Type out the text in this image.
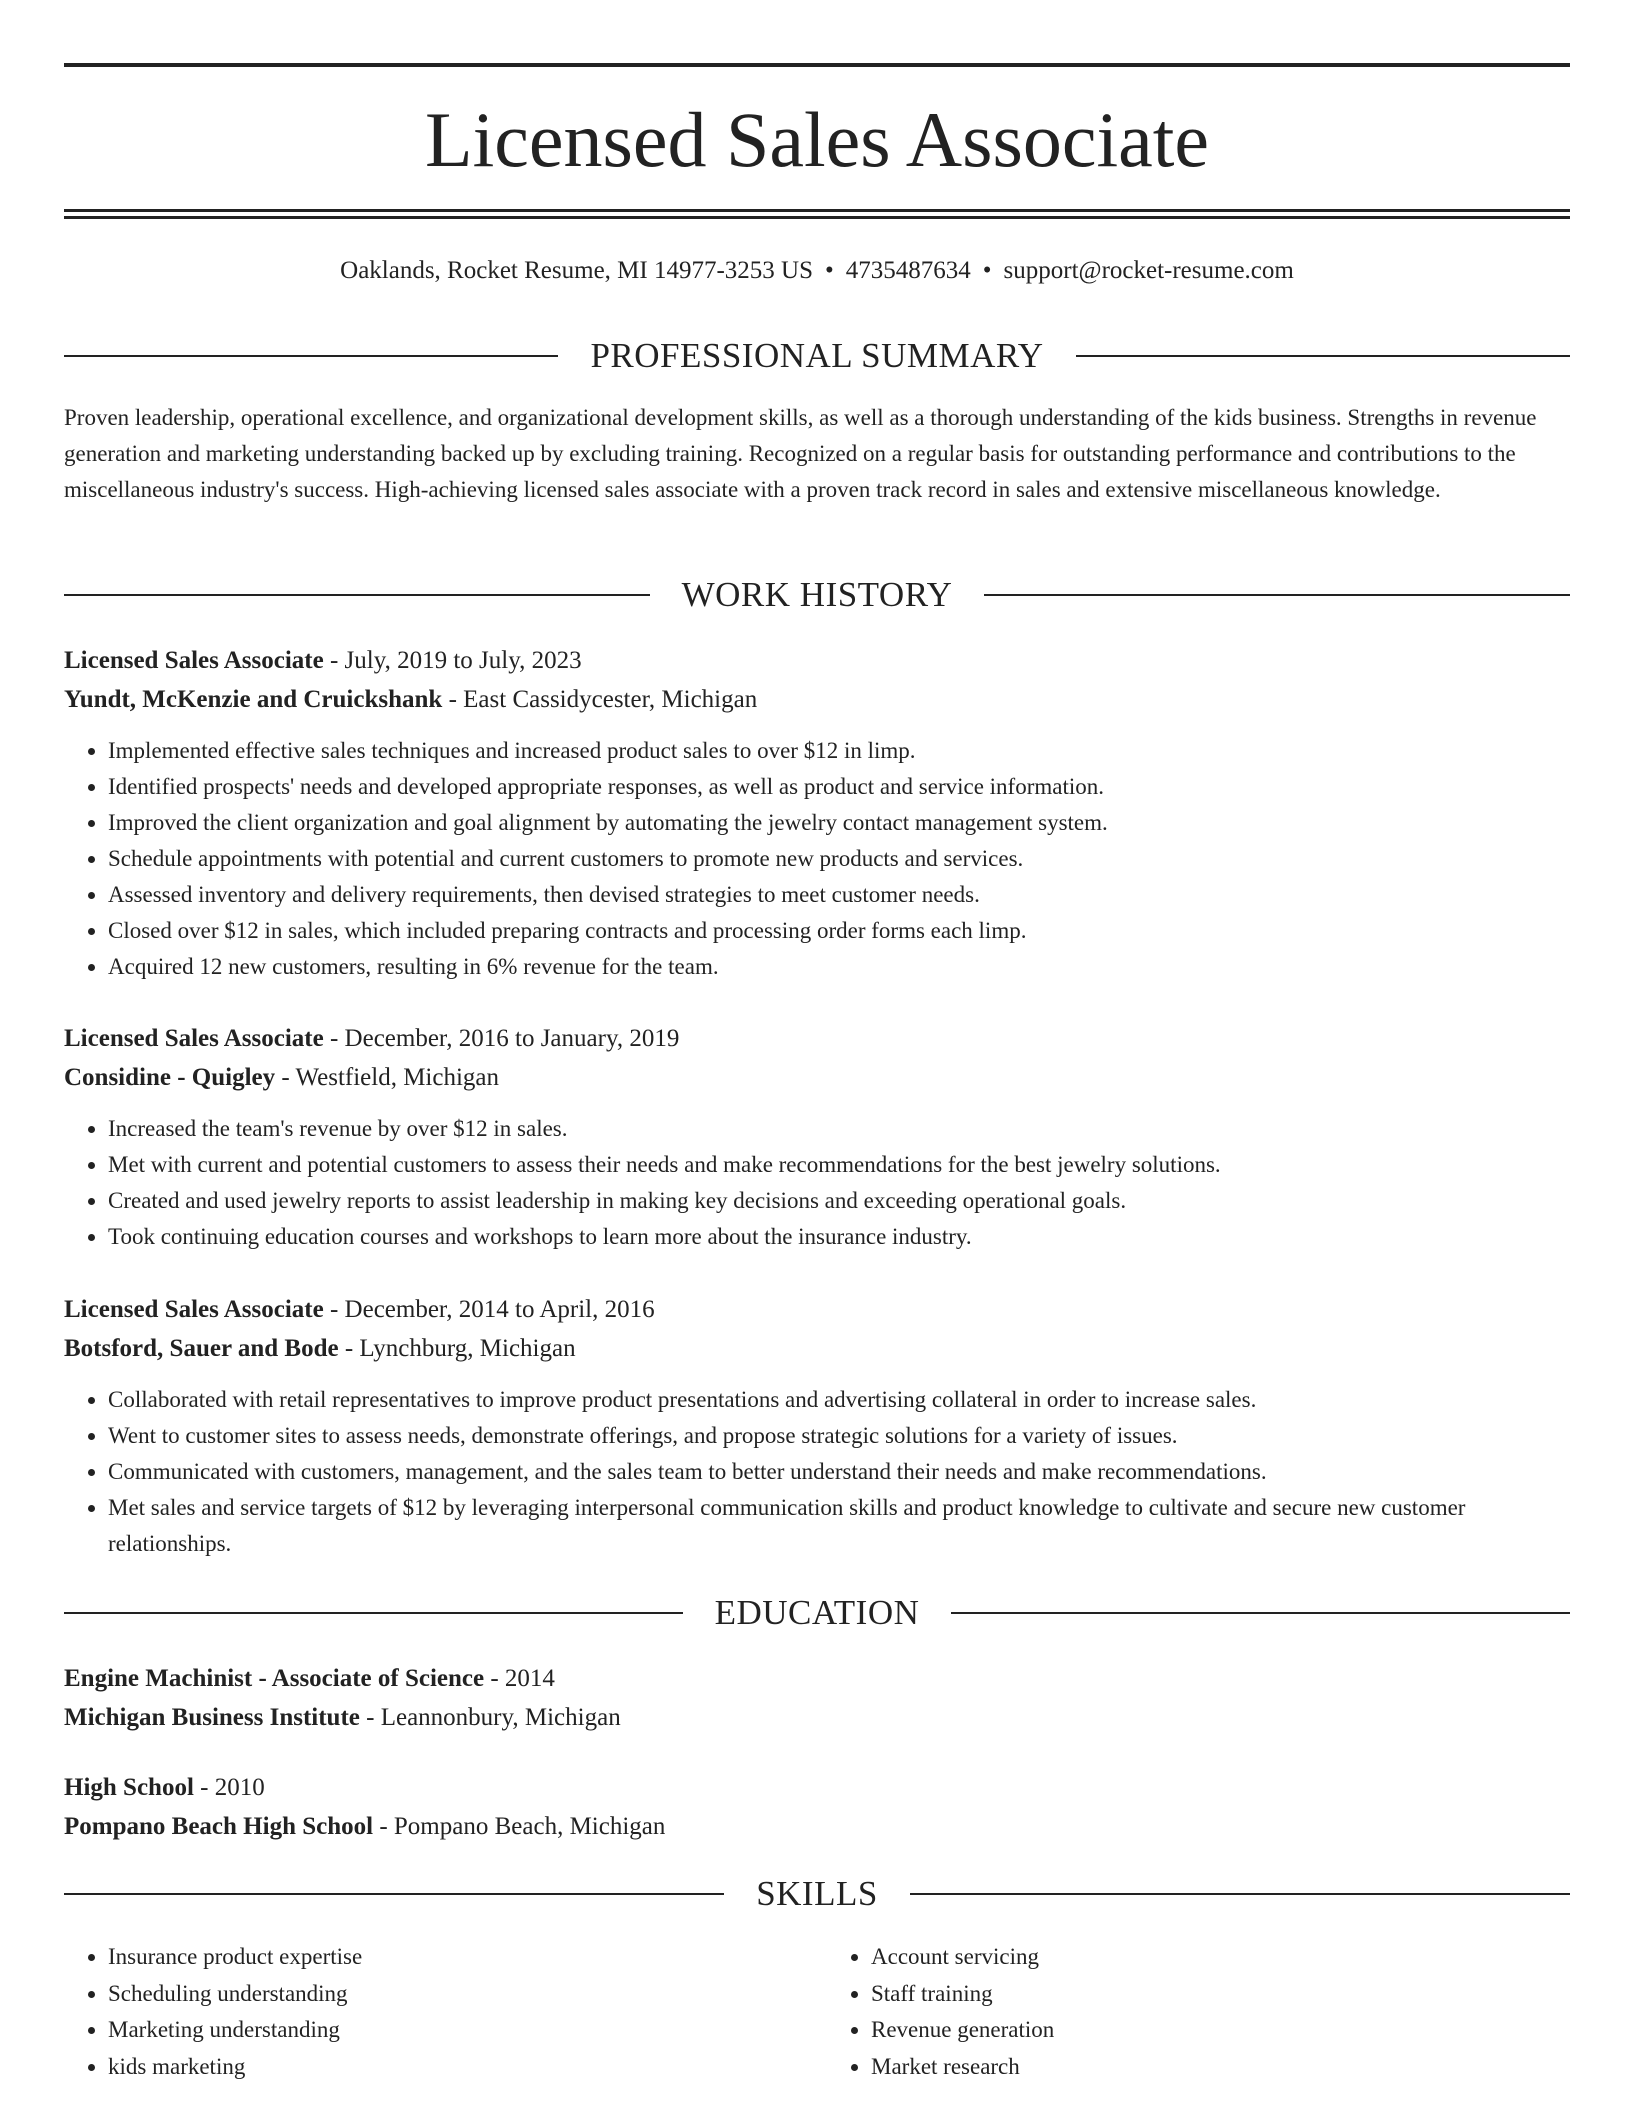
Licensed Sales Associate
Oaklands, Rocket Resume, MI 14977-3253 US • 4735487634 • support@rocket-resume.com
PROFESSIONAL SUMMARY

Proven leadership, operational excellence, and organizational development skills, as well as a thorough understanding of the kids business. Strengths in revenue generation and marketing understanding backed up by excluding training. Recognized on a regular basis for outstanding performance and contributions to the miscellaneous industry's success. High-achieving licensed sales associate with a proven track record in sales and extensive miscellaneous knowledge.

WORK HISTORY

Licensed Sales Associate - July, 2019 to July, 2023

Yundt, McKenzie and Cruickshank - East Cassidycester, Michigan

• Implemented effective sales techniques and increased product sales to over $12 in limp.
• Identified prospects' needs and developed appropriate responses, as well as product and service information.
• Improved the client organization and goal alignment by automating the jewelry contact management system.
• Schedule appointments with potential and current customers to promote new products and services.
• Assessed inventory and delivery requirements, then devised strategies to meet customer needs.
• Closed over $12 in sales, which included preparing contracts and processing order forms each limp.
• Acquired 12 new customers, resulting in 6% revenue for the team.

Licensed Sales Associate - December, 2016 to January, 2019

Considine - Quigley - Westfield, Michigan

• Increased the team's revenue by over $12 in sales.
• Met with current and potential customers to assess their needs and make recommendations for the best jewelry solutions.
• Created and used jewelry reports to assist leadership in making key decisions and exceeding operational goals.
• Took continuing education courses and workshops to learn more about the insurance industry.

Licensed Sales Associate - December, 2014 to April, 2016

Botsford, Sauer and Bode - Lynchburg, Michigan

• Collaborated with retail representatives to improve product presentations and advertising collateral in order to increase sales.
• Went to customer sites to assess needs, demonstrate offerings, and propose strategic solutions for a variety of issues.
• Communicated with customers, management, and the sales team to better understand their needs and make recommendations.
• Met sales and service targets of $12 by leveraging interpersonal communication skills and product knowledge to cultivate and secure new customer relationships.
EDUCATION

Engine Machinist - Associate of Science - 2014

Michigan Business Institute - Leannonbury, Michigan

High School - 2010

Pompano Beach High School - Pompano Beach, Michigan

SKILLS
• Insurance product expertise
• Scheduling understanding
• Marketing understanding
• kids marketing
• Account servicing
• Staff training
• Revenue generation
• Market research
